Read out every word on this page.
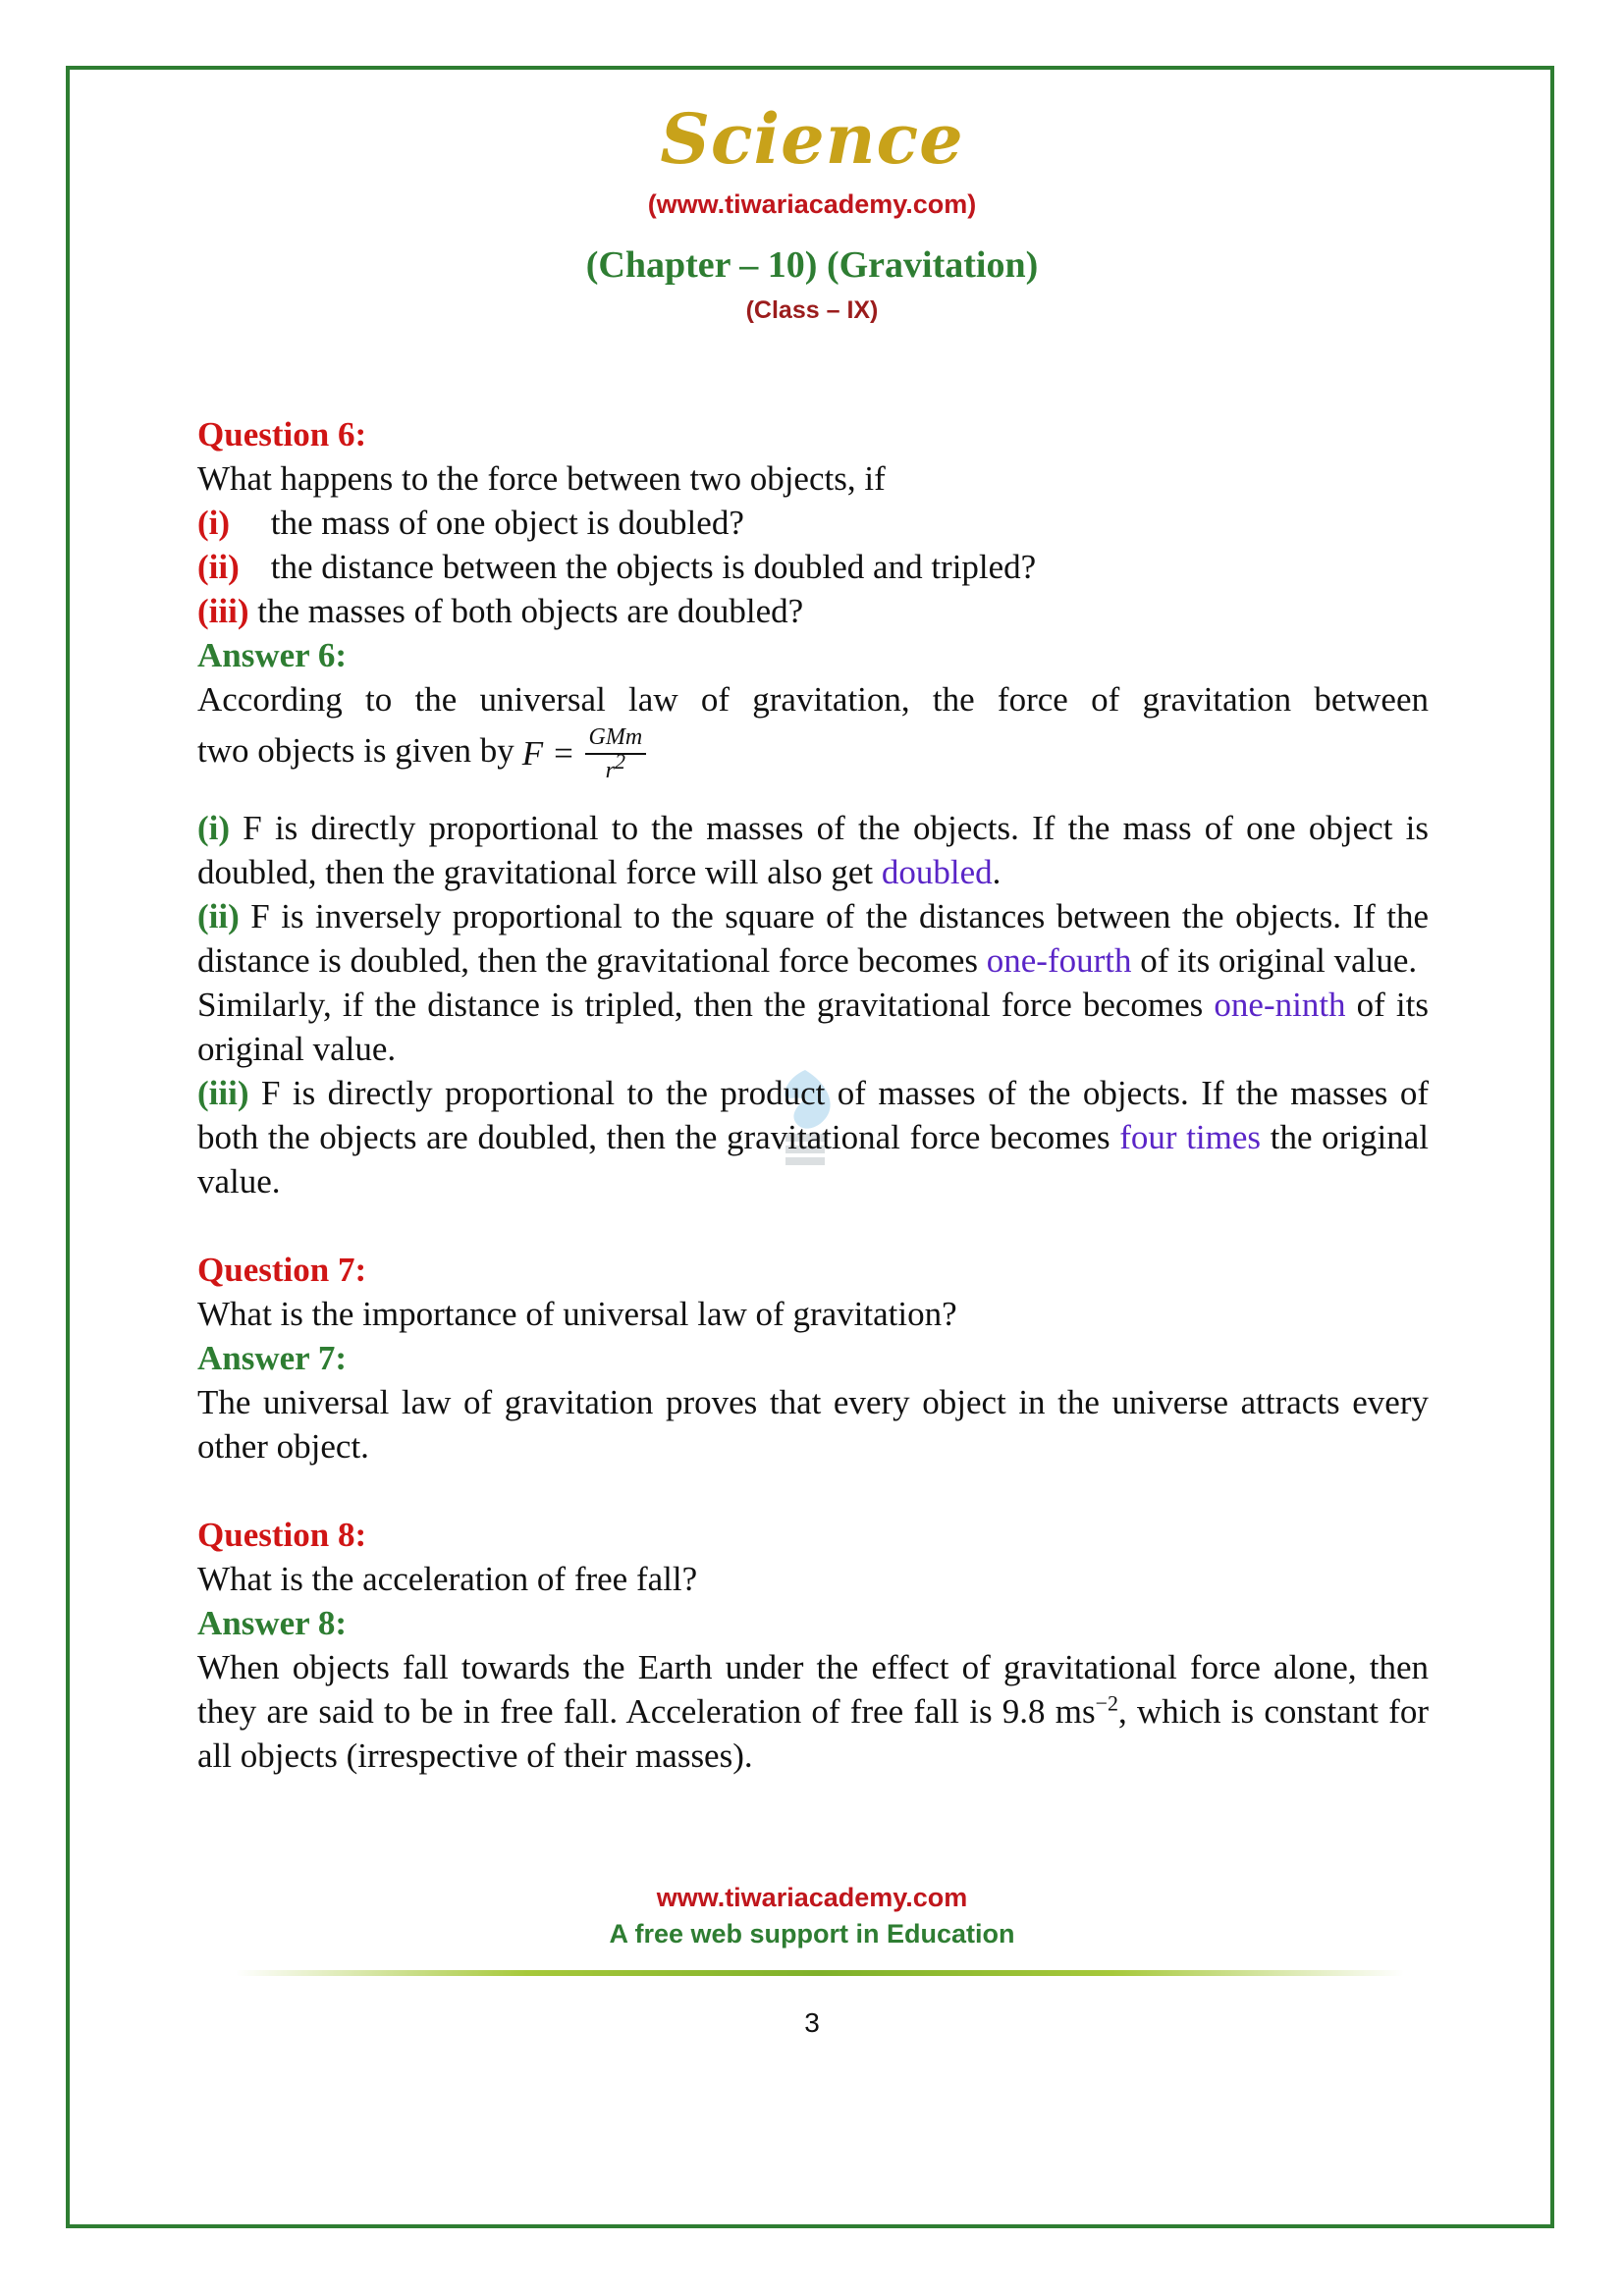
Science
(www.tiwariacademy.com)
(Chapter – 10) (Gravitation)
(Class – IX)

Question 6:

What happens to the force between two objects, if

(i) the mass of one object is doubled?

(ii) the distance between the objects is doubled and tripled?

(iii) the masses of both objects are doubled?

Answer 6:

According to the universal law of gravitation, the force of gravitation between

two objects is given by $F = \frac{\text{GMm}}{r^2}$

(i) F is directly proportional to the masses of the objects. If the mass of one object is doubled, then the gravitational force will also get doubled.

(ii) F is inversely proportional to the square of the distances between the objects. If the distance is doubled, then the gravitational force becomes one-fourth of its original value.

Similarly, if the distance is tripled, then the gravitational force becomes one-ninth of its original value.

(iii) F is directly proportional to the product of masses of the objects. If the masses of both the objects are doubled, then the gravitational force becomes four times the original value.

Question 7:

What is the importance of universal law of gravitation?

Answer 7:

The universal law of gravitation proves that every object in the universe attracts every other object.

Question 8:

What is the acceleration of free fall?

Answer 8:

When objects fall towards the Earth under the effect of gravitational force alone, then they are said to be in free fall. Acceleration of free fall is 9.8 $ms^{-2}$, which is constant for all objects (irrespective of their masses).

www.tiwariacademy.com
A free web support in Education
3
